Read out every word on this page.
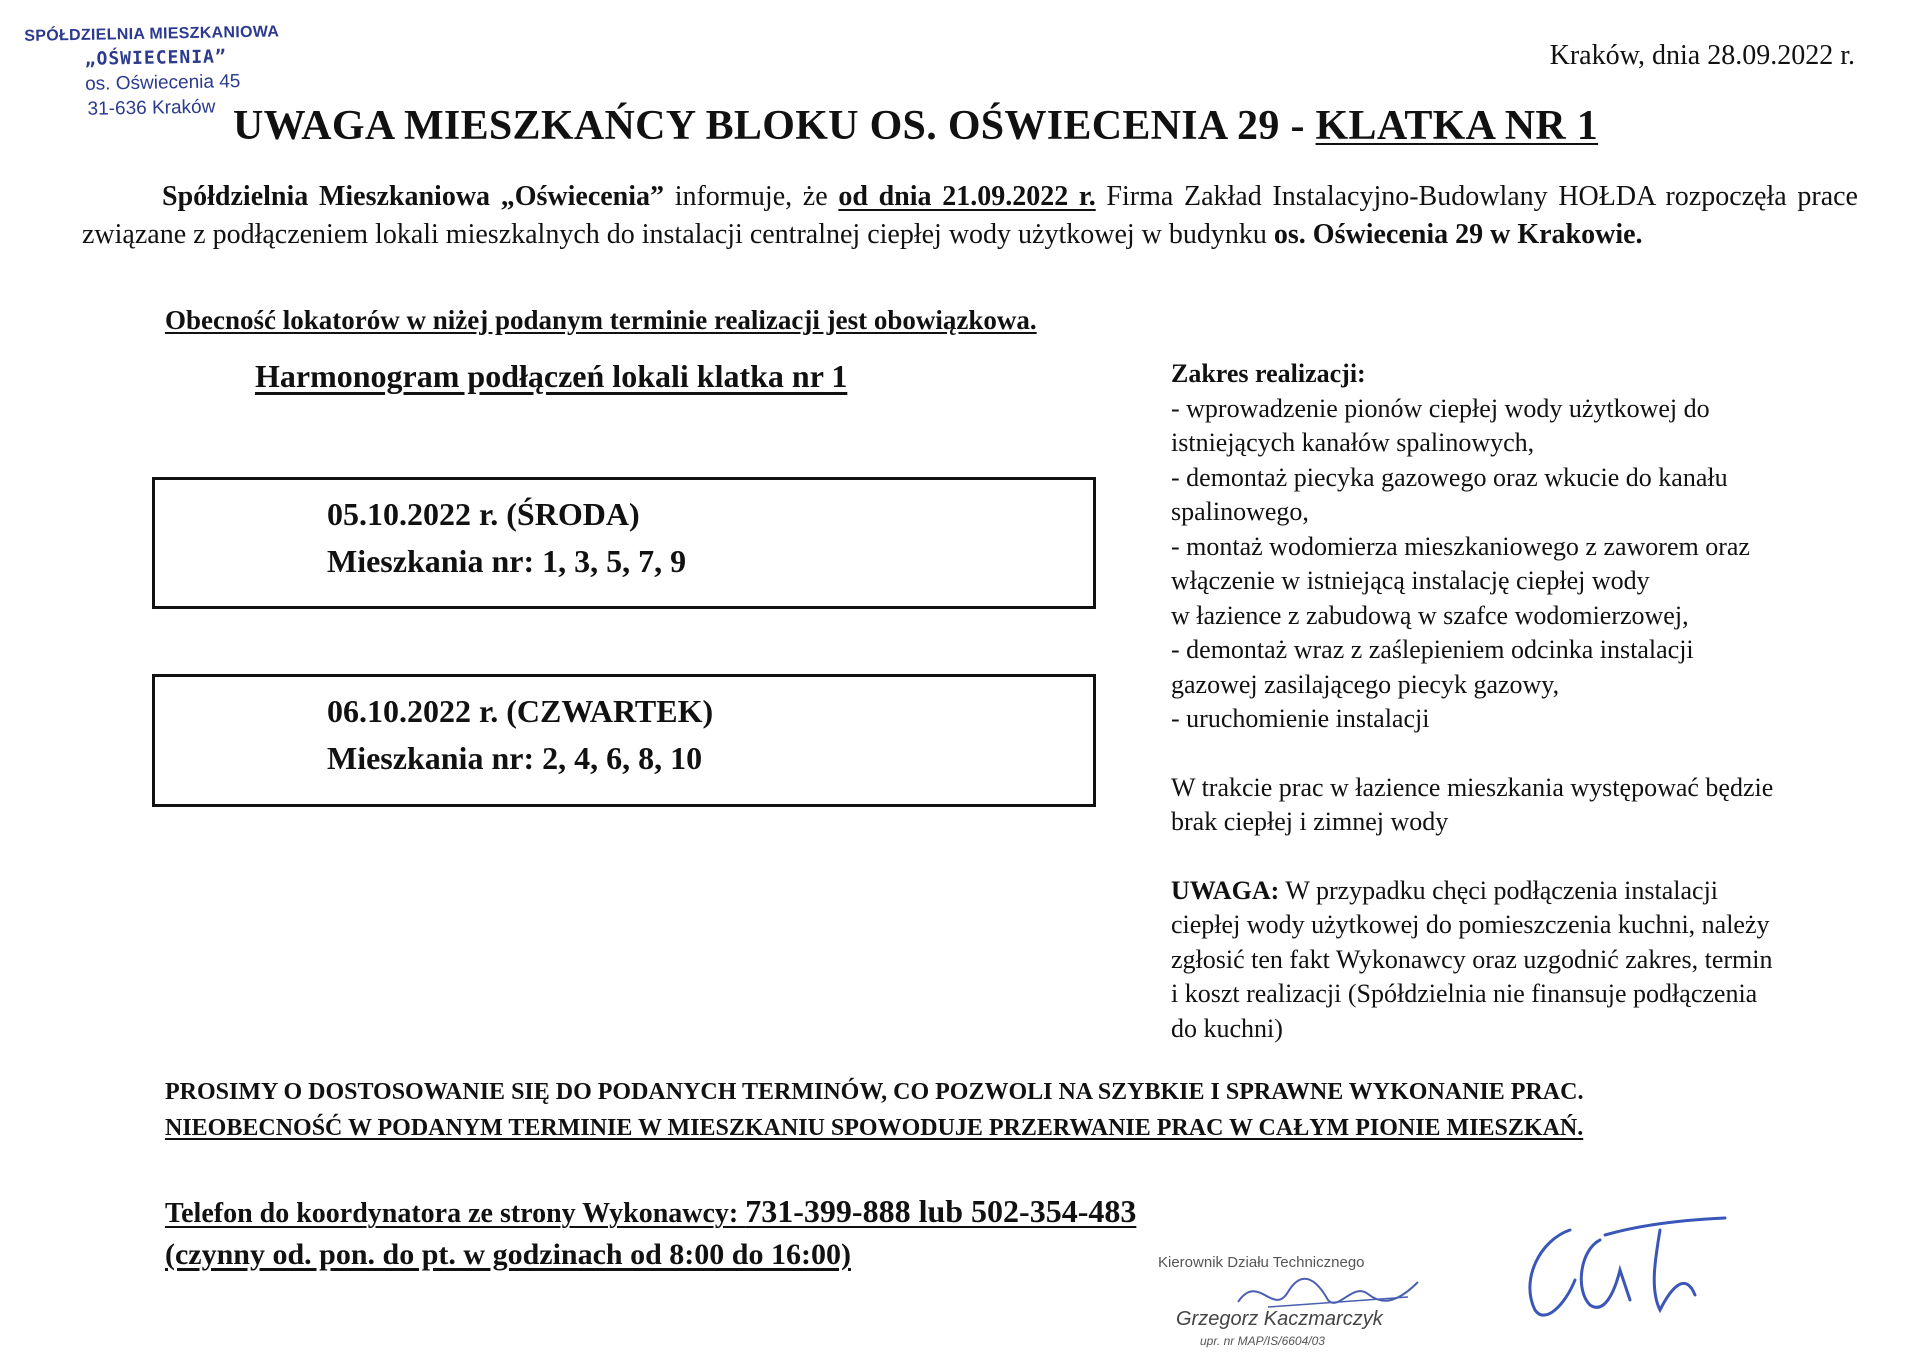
SPÓŁDZIELNIA MIESZKANIOWA
„OŚWIECENIA”
os. Oświecenia 45
31-636 Kraków
Kraków, dnia 28.09.2022 r.
UWAGA MIESZKAŃCY BLOKU OS. OŚWIECENIA 29 - KLATKA NR 1

Spółdzielnia Mieszkaniowa „Oświecenia” informuje, że od dnia 21.09.2022 r. Firma Zakład Instalacyjno-Budowlany HOŁDA rozpoczęła prace związane z podłączeniem lokali mieszkalnych do instalacji centralnej ciepłej wody użytkowej w budynku os. Oświecenia 29 w Krakowie.

Obecność lokatorów w niżej podanym terminie realizacji jest obowiązkowa.
Harmonogram podłączeń lokali klatka nr 1
05.10.2022 r. (ŚRODA)
Mieszkania nr: 1, 3, 5, 7, 9
06.10.2022 r. (CZWARTEK)
Mieszkania nr: 2, 4, 6, 8, 10
Zakres realizacji:
- wprowadzenie pionów ciepłej wody użytkowej do
istniejących kanałów spalinowych,
- demontaż piecyka gazowego oraz wkucie do kanału
spalinowego,
- montaż wodomierza mieszkaniowego z zaworem oraz
włączenie w istniejącą instalację ciepłej wody
w łazience z zabudową w szafce wodomierzowej,
- demontaż wraz z zaślepieniem odcinka instalacji
gazowej zasilającego piecyk gazowy,
- uruchomienie instalacji
W trakcie prac w łazience mieszkania występować będzie
brak ciepłej i zimnej wody
UWAGA: W przypadku chęci podłączenia instalacji
ciepłej wody użytkowej do pomieszczenia kuchni, należy
zgłosić ten fakt Wykonawcy oraz uzgodnić zakres, termin
i koszt realizacji (Spółdzielnia nie finansuje podłączenia
do kuchni)
PROSIMY O DOSTOSOWANIE SIĘ DO PODANYCH TERMINÓW, CO POZWOLI NA SZYBKIE I SPRAWNE WYKONANIE PRAC.
NIEOBECNOŚĆ W PODANYM TERMINIE W MIESZKANIU SPOWODUJE PRZERWANIE PRAC W CAŁYM PIONIE MIESZKAŃ.
Telefon do koordynatora ze strony Wykonawcy: 731-399-888 lub 502-354-483
(czynny od. pon. do pt. w godzinach od 8:00 do 16:00)	Kierownik Działu Technicznego
Grzegorz Kaczmarczyk
upr. nr MAP/IS/6604/03
